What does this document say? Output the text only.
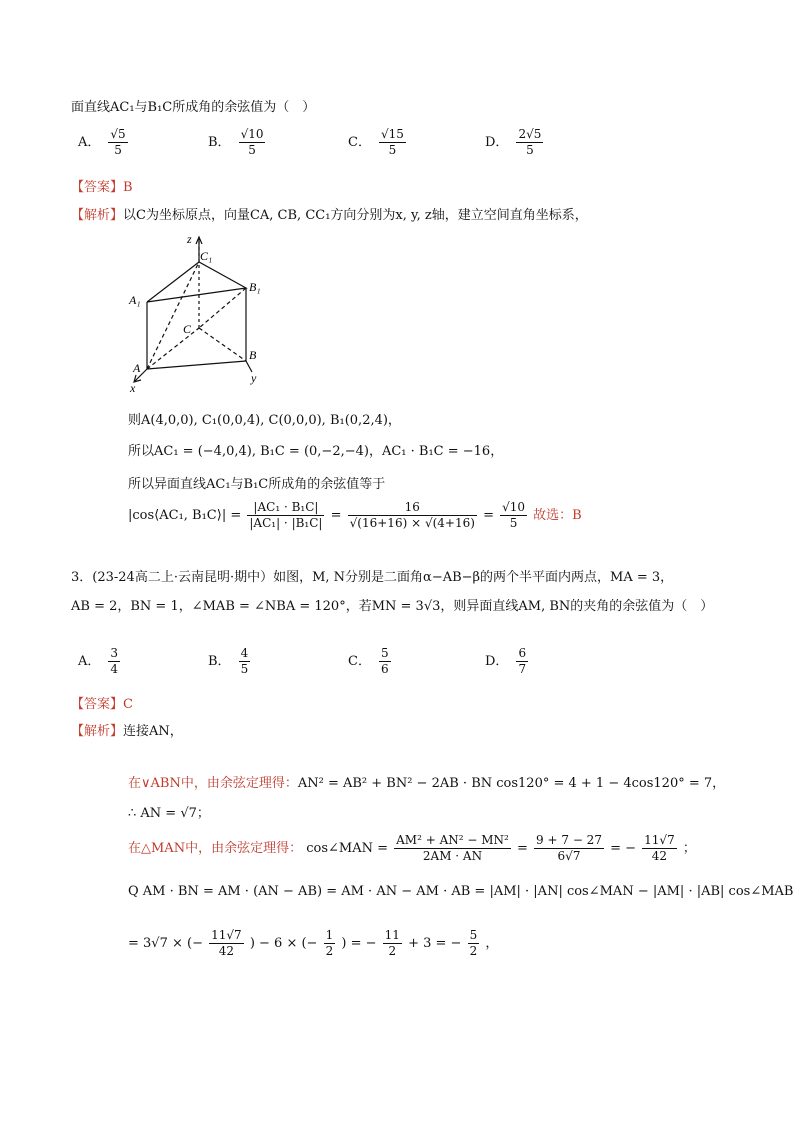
面直线AC₁与B₁C所成角的余弦值为（　）
A． $\frac{√5}{5}$	B． $\frac{√10}{5}$	C． $\frac{√15}{5}$	D． $\frac{2√5}{5}$
【答案】B
【解析】以C为坐标原点，向量CA, CB, CC₁方向分别为x, y, z轴，建立空间直角坐标系，
z
C₁
A₁
B₁
C
A
B
x
y
则A(4,0,0), C₁(0,0,4), C(0,0,0), B₁(0,2,4)，
所以AC₁ = (−4,0,4), B₁C = (0,−2,−4)，AC₁ · B₁C = −16，
所以异面直线AC₁与B₁C所成角的余弦值等于
|cos⟨AC₁, B₁C⟩| = $\frac{\text{|AC₁ · B₁C|}}{\text{|AC₁| · |B₁C|}} = \frac{16}{√(16+16) \times √(4+16)} = \frac{√10}{5}$ 故选：B
3．(23-24高二上·云南昆明·期中）如图，M, N分别是二面角α−AB−β的两个半平面内两点，MA = 3，
AB = 2，BN = 1，∠MAB = ∠NBA = 120°，若MN = 3√3，则异面直线AM, BN的夹角的余弦值为（　）
A． $\frac{3}{4}$	B． $\frac{4}{5}$	C． $\frac{5}{6}$	D． $\frac{6}{7}$
【答案】C
【解析】连接AN，
在∨ABN中，由余弦定理得：AN² = AB² + BN² − 2AB · BN cos120° = 4 + 1 − 4cos120° = 7，
∴ AN = √7；
在△MAN中，由余弦定理得： cos∠MAN = $\frac{\text{AM² + AN² − MN²}}{2AM \cdot AN} = \frac{9 + 7 - 27}{6√7}$ = − $\frac{11√7}{42}$ ；
Q AM · BN = AM · (AN − AB) = AM · AN − AM · AB = |AM| · |AN| cos∠MAN − |AM| · |AB| cos∠MAB
= 3√7 × (− $\frac{11√7}{42}$ ) − 6 × (− $\frac{1}{2}$ ) = − $\frac{11}{2} + 3$ = − $\frac{5}{2}$ ，
